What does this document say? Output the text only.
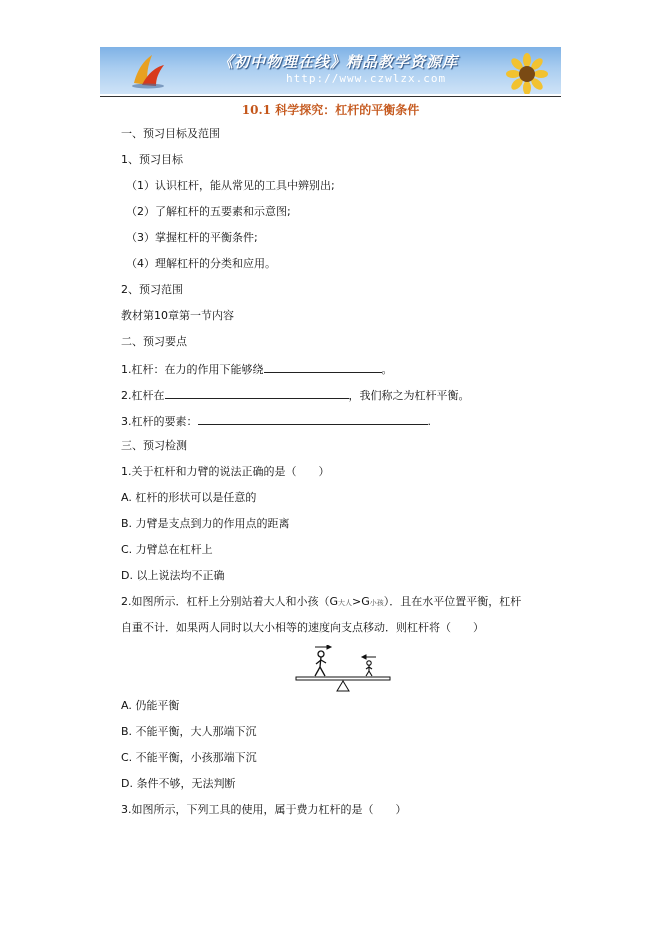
《初中物理在线》精品教学资源库
http://www.czwlzx.com
10.1 科学探究：杠杆的平衡条件
一、预习目标及范围
1、预习目标
（1）认识杠杆，能从常见的工具中辨别出;
（2）了解杠杆的五要素和示意图;
（3）掌握杠杆的平衡条件;
（4）理解杠杆的分类和应用。
2、预习范围
教材第10章第一节内容
二、预习要点
1.杠杆：在力的作用下能够绕	。
2.杠杆在	，我们称之为杠杆平衡。
3.杠杆的要素：	.
三、预习检测
1.关于杠杆和力臂的说法正确的是（　　）
A. 杠杆的形状可以是任意的
B. 力臂是支点到力的作用点的距离
C. 力臂总在杠杆上
D. 以上说法均不正确
2.如图所示．杠杆上分别站着大人和小孩（G大人>G小孩）．且在水平位置平衡，杠杆
自重不计．如果两人同时以大小相等的速度向支点移动．则杠杆将（　　）
A. 仍能平衡
B. 不能平衡，大人那端下沉
C. 不能平衡，小孩那端下沉
D. 条件不够，无法判断
3.如图所示，下列工具的使用，属于费力杠杆的是（　　）
